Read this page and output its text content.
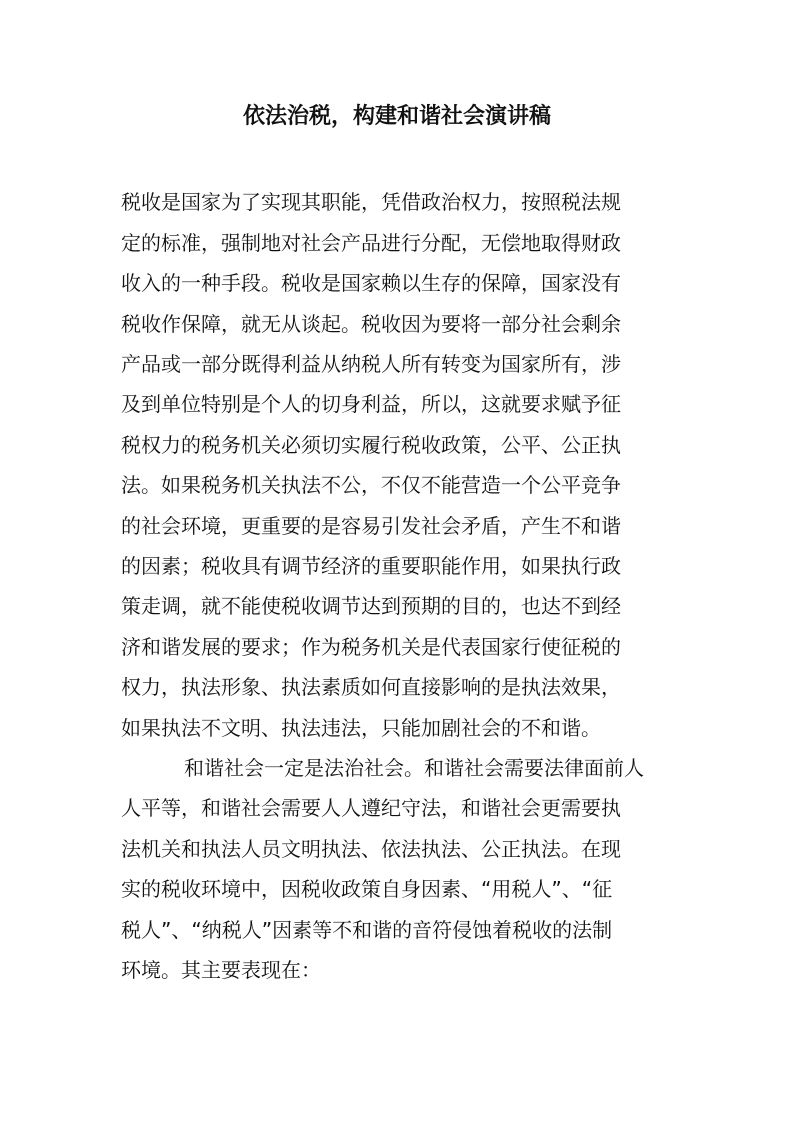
依法治税，构建和谐社会演讲稿
税收是国家为了实现其职能，凭借政治权力，按照税法规
定的标准，强制地对社会产品进行分配，无偿地取得财政
收入的一种手段。税收是国家赖以生存的保障，国家没有
税收作保障，就无从谈起。税收因为要将一部分社会剩余
产品或一部分既得利益从纳税人所有转变为国家所有，涉
及到单位特别是个人的切身利益，所以，这就要求赋予征
税权力的税务机关必须切实履行税收政策，公平、公正执
法。如果税务机关执法不公，不仅不能营造一个公平竞争
的社会环境，更重要的是容易引发社会矛盾，产生不和谐
的因素；税收具有调节经济的重要职能作用，如果执行政
策走调，就不能使税收调节达到预期的目的，也达不到经
济和谐发展的要求；作为税务机关是代表国家行使征税的
权力，执法形象、执法素质如何直接影响的是执法效果，
如果执法不文明、执法违法，只能加剧社会的不和谐。
和谐社会一定是法治社会。和谐社会需要法律面前人
人平等，和谐社会需要人人遵纪守法，和谐社会更需要执
法机关和执法人员文明执法、依法执法、公正执法。在现
实的税收环境中，因税收政策自身因素、“用税人”、“征
税人”、“纳税人”因素等不和谐的音符侵蚀着税收的法制
环境。其主要表现在：
